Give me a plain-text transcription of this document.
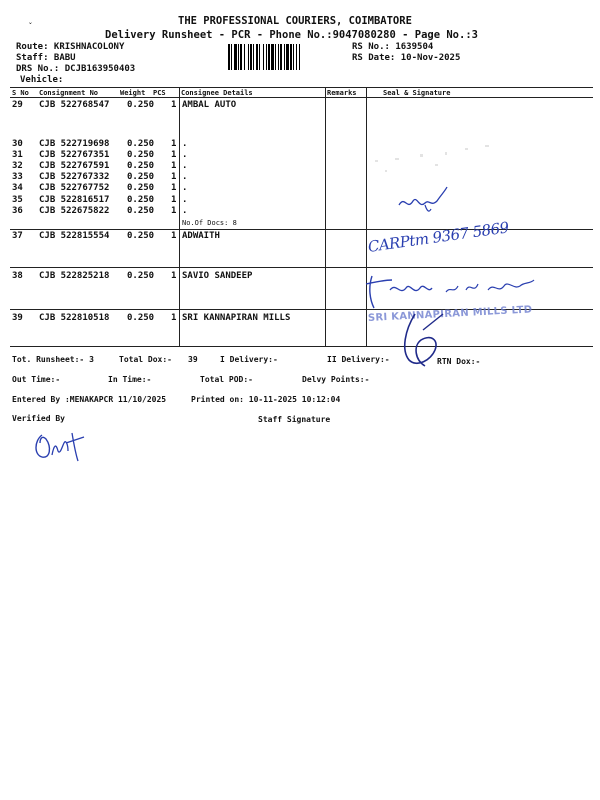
THE PROFESSIONAL COURIERS, COIMBATORE
Delivery Runsheet - PCR - Phone No.:9047080280 - Page No.:3
ˇ
Route: KRISHNACOLONY
Staff: BABU
DRS No.: DCJB163950403
Vehicle:
RS No.: 1639504
RS Date: 10-Nov-2025
S No Consignment No	Weight PCS Consignee Details	Remarks	Seal & Signature
29 CJB 522768547 0.250 1 AMBAL AUTO
30 CJB 522719698 0.250 1 .
31 CJB 522767351 0.250 1 .
32 CJB 522767591 0.250 1 .
33 CJB 522767332 0.250 1 .
34 CJB 522767752 0.250 1 .
35 CJB 522816517 0.250 1 .
36 CJB 522675822 0.250 1 .
37 CJB 522815554 0.250 1 ADWAITH
38 CJB 522825218 0.250 1 SAVIO SANDEEP
39 CJB 522810518 0.250 1 SRI KANNAPIRAN MILLS
No.Of Docs: 8	CARPtm 9367 5869
SRI KANNAPIRAN MILLS LTD
Tot. Runsheet:- 3	Total Dox:- 39	I Delivery:-	II Delivery:-	RTN Dox:-
Out Time:-	In Time:-	Total POD:-	Delvy Points:-
Entered By :MENAKAPCR 11/10/2025	Printed on: 10-11-2025 10:12:04
Verified By	Staff Signature
